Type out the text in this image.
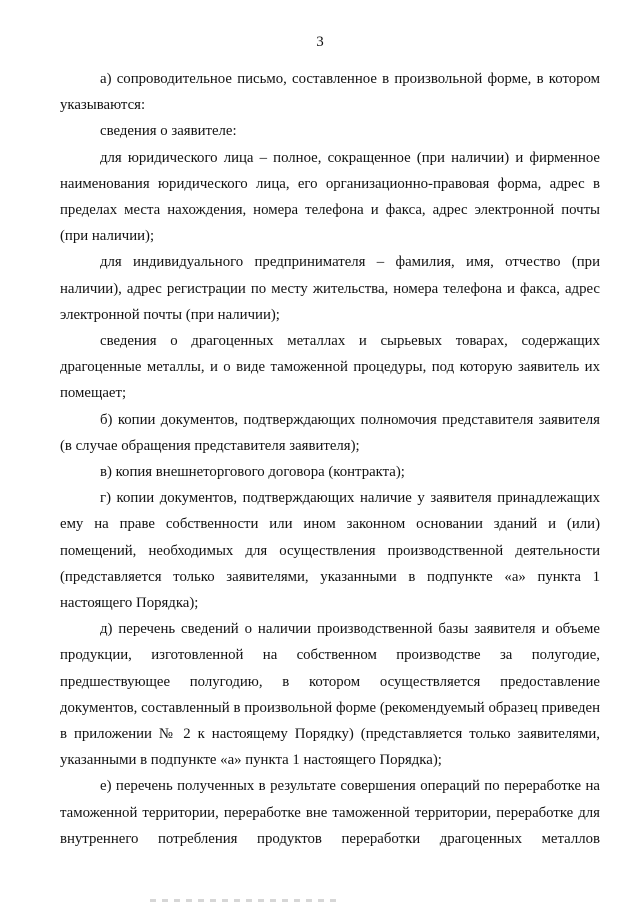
3

а) сопроводительное письмо, составленное в произвольной форме, в котором указываются:

сведения о заявителе:

для юридического лица – полное, сокращенное (при наличии) и фирменное наименования юридического лица, его организационно-правовая форма, адрес в пределах места нахождения, номера телефона и факса, адрес электронной почты (при наличии);

для индивидуального предпринимателя – фамилия, имя, отчество (при наличии), адрес регистрации по месту жительства, номера телефона и факса, адрес электронной почты (при наличии);

сведения о драгоценных металлах и сырьевых товарах, содержащих драгоценные металлы, и о виде таможенной процедуры, под которую заявитель их помещает;

б) копии документов, подтверждающих полномочия представителя заявителя (в случае обращения представителя заявителя);

в) копия внешнеторгового договора (контракта);

г) копии документов, подтверждающих наличие у заявителя принадлежащих ему на праве собственности или ином законном основании зданий и (или) помещений, необходимых для осуществления производственной деятельности (представляется только заявителями, указанными в подпункте «а» пункта 1 настоящего Порядка);

д) перечень сведений о наличии производственной базы заявителя и объеме продукции, изготовленной на собственном производстве за полугодие, предшествующее полугодию, в котором осуществляется предоставление документов, составленный в произвольной форме (рекомендуемый образец приведен в приложении № 2 к настоящему Порядку) (представляется только заявителями, указанными в подпункте «а» пункта 1 настоящего Порядка);

е) перечень полученных в результате совершения операций по переработке на таможенной территории, переработке вне таможенной территории, переработке для внутреннего потребления продуктов переработки драгоценных металлов
